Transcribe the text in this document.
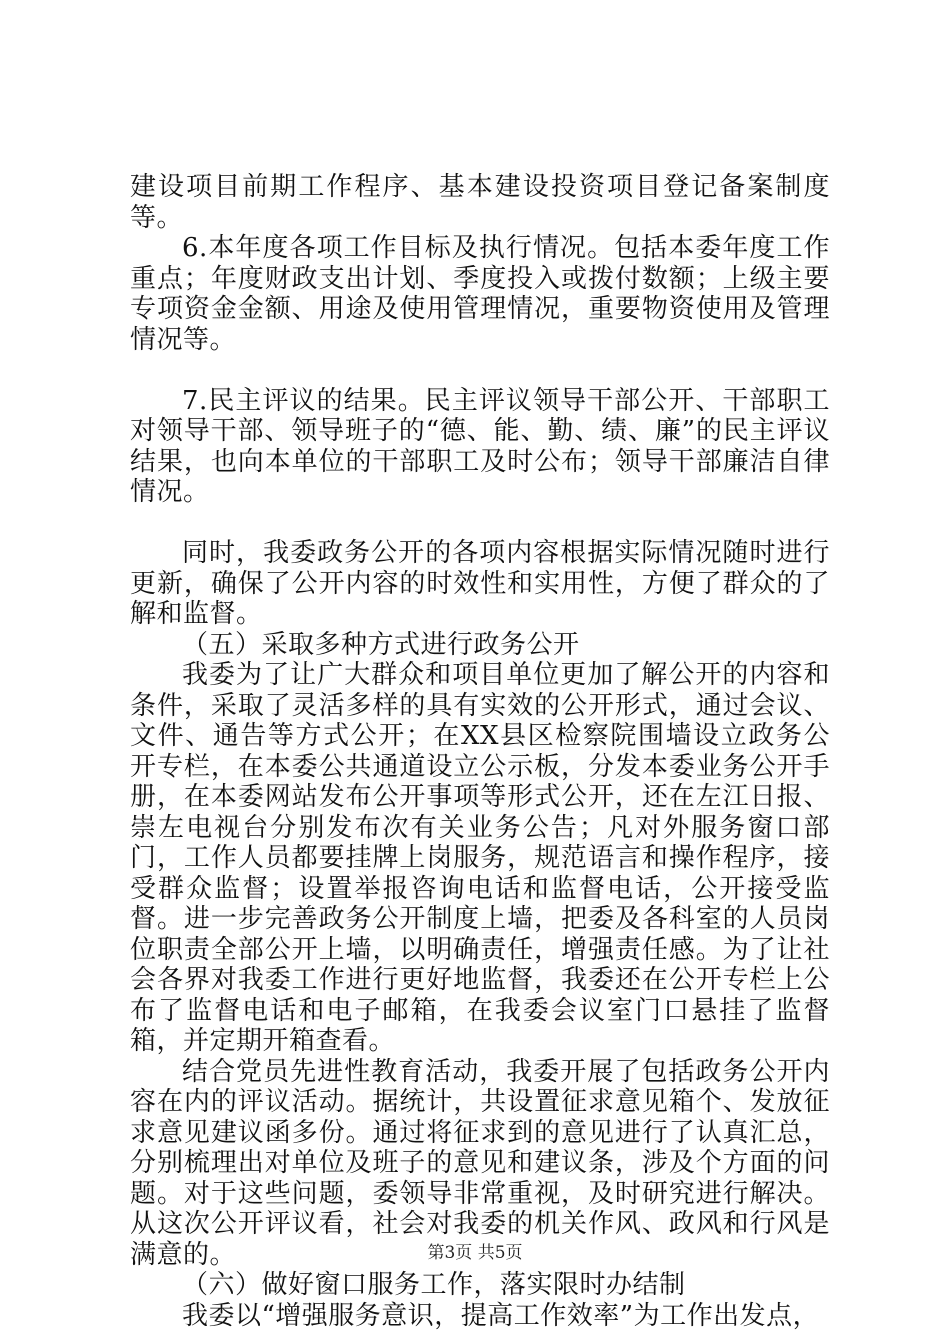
建设项目前期工作程序、基本建设投资项目登记备案制度等。

6.本年度各项工作目标及执行情况。包括本委年度工作重点；年度财政支出计划、季度投入或拨付数额；上级主要专项资金金额、用途及使用管理情况，重要物资使用及管理情况等。

7.民主评议的结果。民主评议领导干部公开、干部职工对领导干部、领导班子的“德、能、勤、绩、廉”的民主评议结果，也向本单位的干部职工及时公布；领导干部廉洁自律情况。

同时，我委政务公开的各项内容根据实际情况随时进行更新，确保了公开内容的时效性和实用性，方便了群众的了解和监督。

（五）采取多种方式进行政务公开

我委为了让广大群众和项目单位更加了解公开的内容和条件，采取了灵活多样的具有实效的公开形式，通过会议、文件、通告等方式公开；在XX县区检察院围墙设立政务公开专栏，在本委公共通道设立公示板，分发本委业务公开手册，在本委网站发布公开事项等形式公开，还在左江日报、崇左电视台分别发布次有关业务公告；凡对外服务窗口部门，工作人员都要挂牌上岗服务，规范语言和操作程序，接受群众监督；设置举报咨询电话和监督电话，公开接受监督。进一步完善政务公开制度上墙，把委及各科室的人员岗位职责全部公开上墙，以明确责任，增强责任感。为了让社会各界对我委工作进行更好地监督，我委还在公开专栏上公布了监督电话和电子邮箱，在我委会议室门口悬挂了监督箱，并定期开箱查看。

结合党员先进性教育活动，我委开展了包括政务公开内容在内的评议活动。据统计，共设置征求意见箱个、发放征求意见建议函多份。通过将征求到的意见进行了认真汇总，分别梳理出对单位及班子的意见和建议条，涉及个方面的问题。对于这些问题，委领导非常重视，及时研究进行解决。从这次公开评议看，社会对我委的机关作风、政风和行风是满意的。

（六）做好窗口服务工作，落实限时办结制

我委以“增强服务意识，提高工作效率”为工作出发点，

第3页 共5页
